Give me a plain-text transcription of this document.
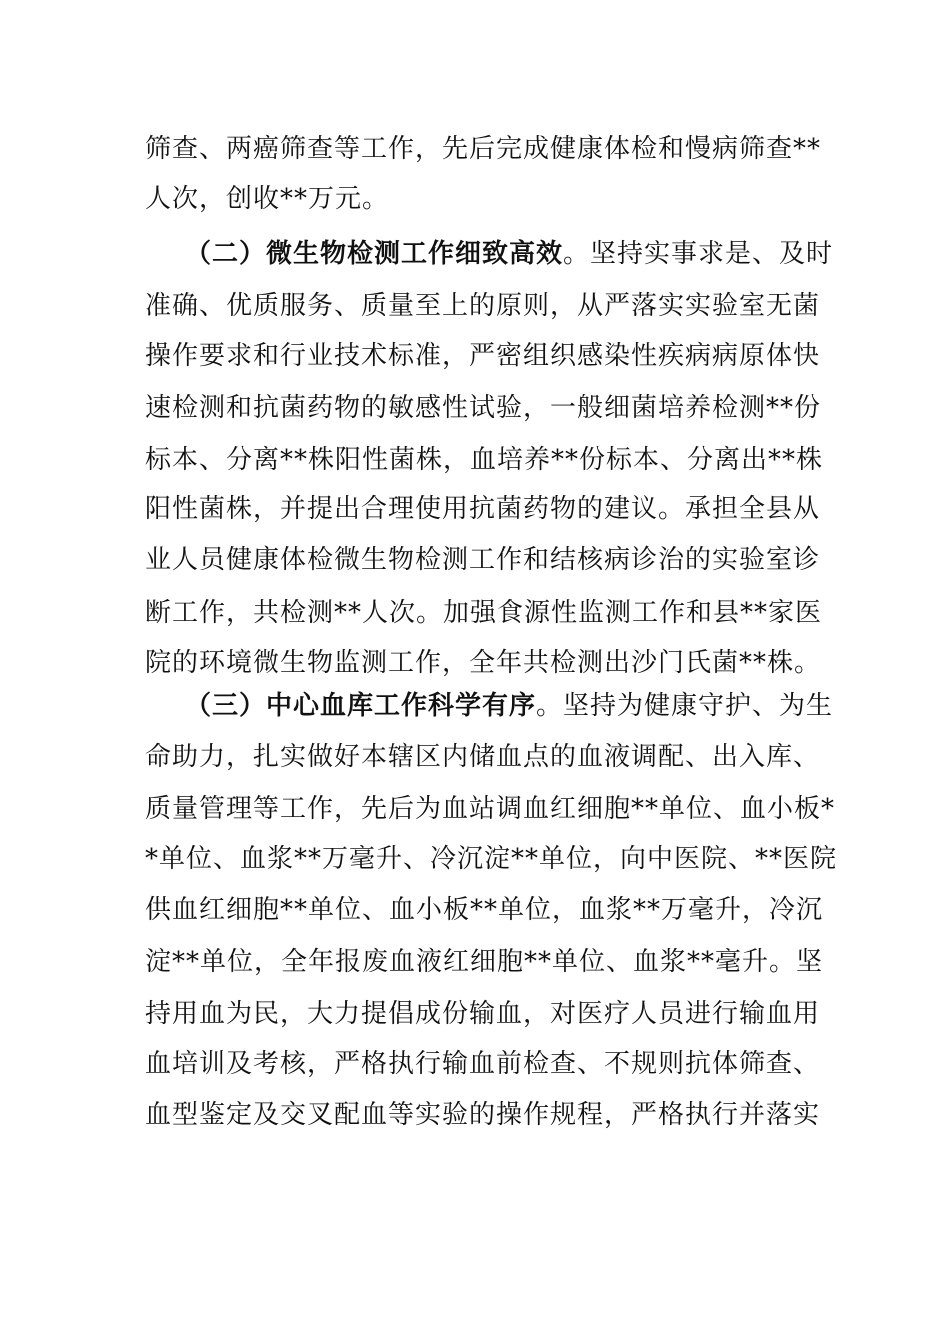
筛查、两癌筛查等工作，先后完成健康体检和慢病筛查**
人次，创收**万元。
（二）微生物检测工作细致高效。坚持实事求是、及时
准确、优质服务、质量至上的原则，从严落实实验室无菌
操作要求和行业技术标准，严密组织感染性疾病病原体快
速检测和抗菌药物的敏感性试验，一般细菌培养检测**份
标本、分离**株阳性菌株，血培养**份标本、分离出**株
阳性菌株，并提出合理使用抗菌药物的建议。承担全县从
业人员健康体检微生物检测工作和结核病诊治的实验室诊
断工作，共检测**人次。加强食源性监测工作和县**家医
院的环境微生物监测工作，全年共检测出沙门氏菌**株。
（三）中心血库工作科学有序。坚持为健康守护、为生
命助力，扎实做好本辖区内储血点的血液调配、出入库、
质量管理等工作，先后为血站调血红细胞**单位、血小板*
*单位、血浆**万毫升、冷沉淀**单位，向中医院、**医院
供血红细胞**单位、血小板**单位，血浆**万毫升，冷沉
淀**单位，全年报废血液红细胞**单位、血浆**毫升。坚
持用血为民，大力提倡成份输血，对医疗人员进行输血用
血培训及考核，严格执行输血前检查、不规则抗体筛查、
血型鉴定及交叉配血等实验的操作规程，严格执行并落实
